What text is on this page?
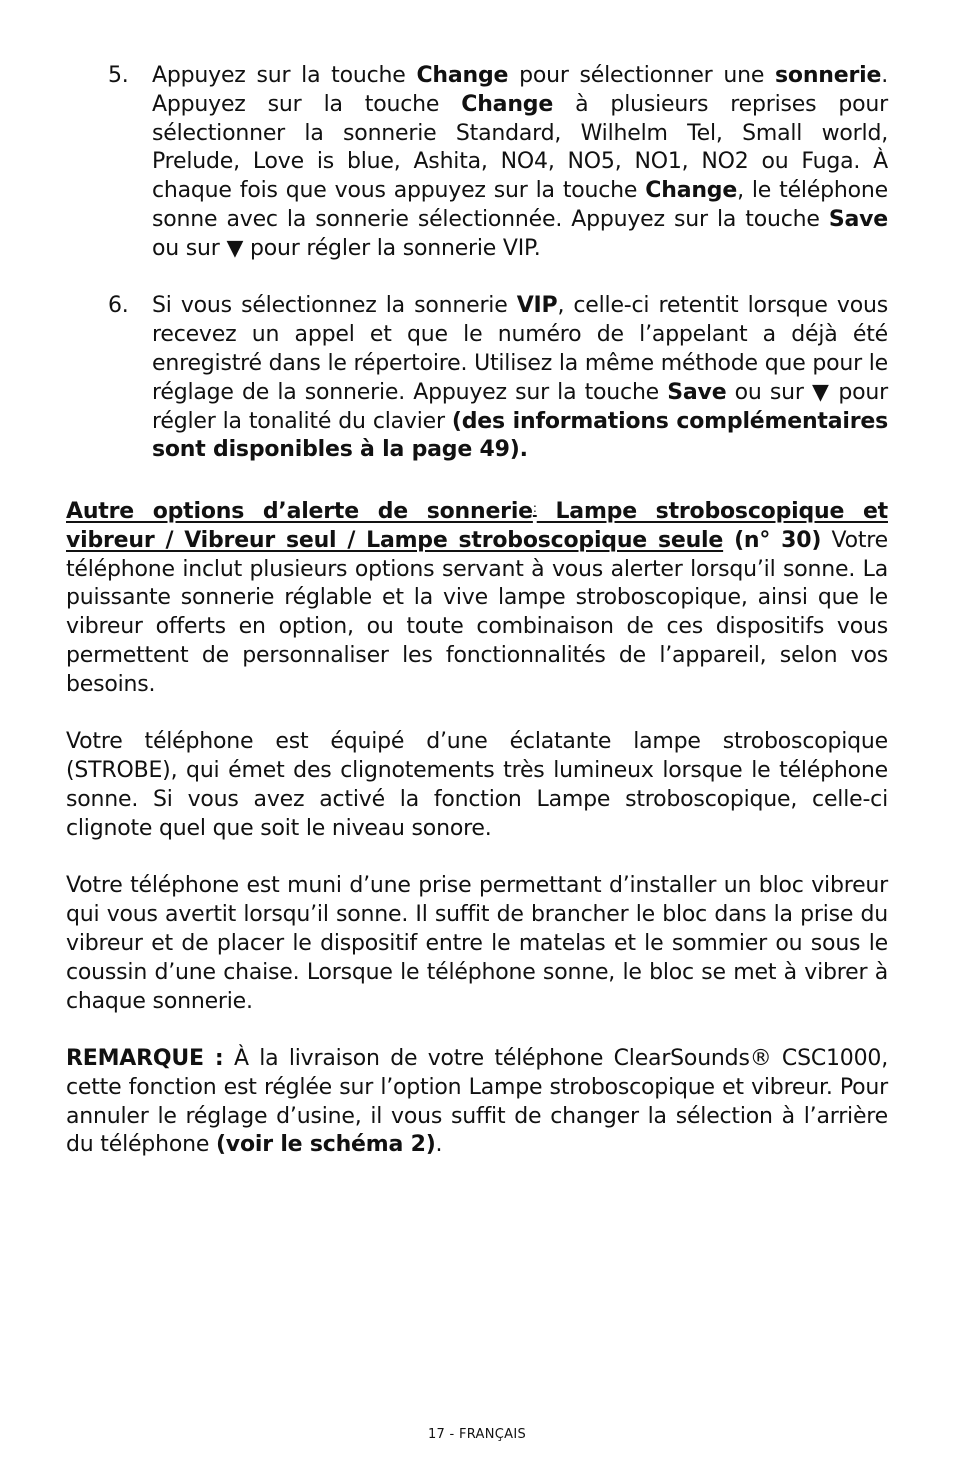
5.	Appuyez sur la touche Change pour sélectionner une sonnerie. Appuyez sur la touche Change à plusieurs reprises pour sélectionner la sonnerie Standard, Wilhelm Tel, Small world, Prelude, Love is blue, Ashita, NO4, NO5, NO1, NO2 ou Fuga. À chaque fois que vous appuyez sur la touche Change, le téléphone sonne avec la sonnerie sélectionnée. Appuyez sur la touche Save ou sur ▼ pour régler la sonnerie VIP.
6.	Si vous sélectionnez la sonnerie VIP, celle-ci retentit lorsque vous recevez un appel et que le numéro de l’appelant a déjà été enregistré dans le répertoire. Utilisez la même méthode que pour le réglage de la sonnerie. Appuyez sur la touche Save ou sur ▼ pour régler la tonalité du clavier (des informations complémentaires sont disponibles à la page 49).
Autre options d’alerte de sonnerie: Lampe stroboscopique et vibreur / Vibreur seul / Lampe stroboscopique seule (n° 30) Votre téléphone inclut plusieurs options servant à vous alerter lorsqu’il sonne. La puissante sonnerie réglable et la vive lampe stroboscopique, ainsi que le vibreur offerts en option, ou toute combinaison de ces dispositifs vous permettent de personnaliser les fonctionnalités de l’appareil, selon vos besoins.
Votre téléphone est équipé d’une éclatante lampe stroboscopique (STROBE), qui émet des clignotements très lumineux lorsque le téléphone sonne. Si vous avez activé la fonction Lampe stroboscopique, celle-ci clignote quel que soit le niveau sonore.
Votre téléphone est muni d’une prise permettant d’installer un bloc vibreur qui vous avertit lorsqu’il sonne. Il suffit de brancher le bloc dans la prise du vibreur et de placer le dispositif entre le matelas et le sommier ou sous le coussin d’une chaise. Lorsque le téléphone sonne, le bloc se met à vibrer à chaque sonnerie.
REMARQUE : À la livraison de votre téléphone ClearSounds® CSC1000, cette fonction est réglée sur l’option Lampe stroboscopique et vibreur. Pour annuler le réglage d’usine, il vous suffit de changer la sélection à l’arrière du téléphone (voir le schéma 2).
17 - FRANÇAIS
